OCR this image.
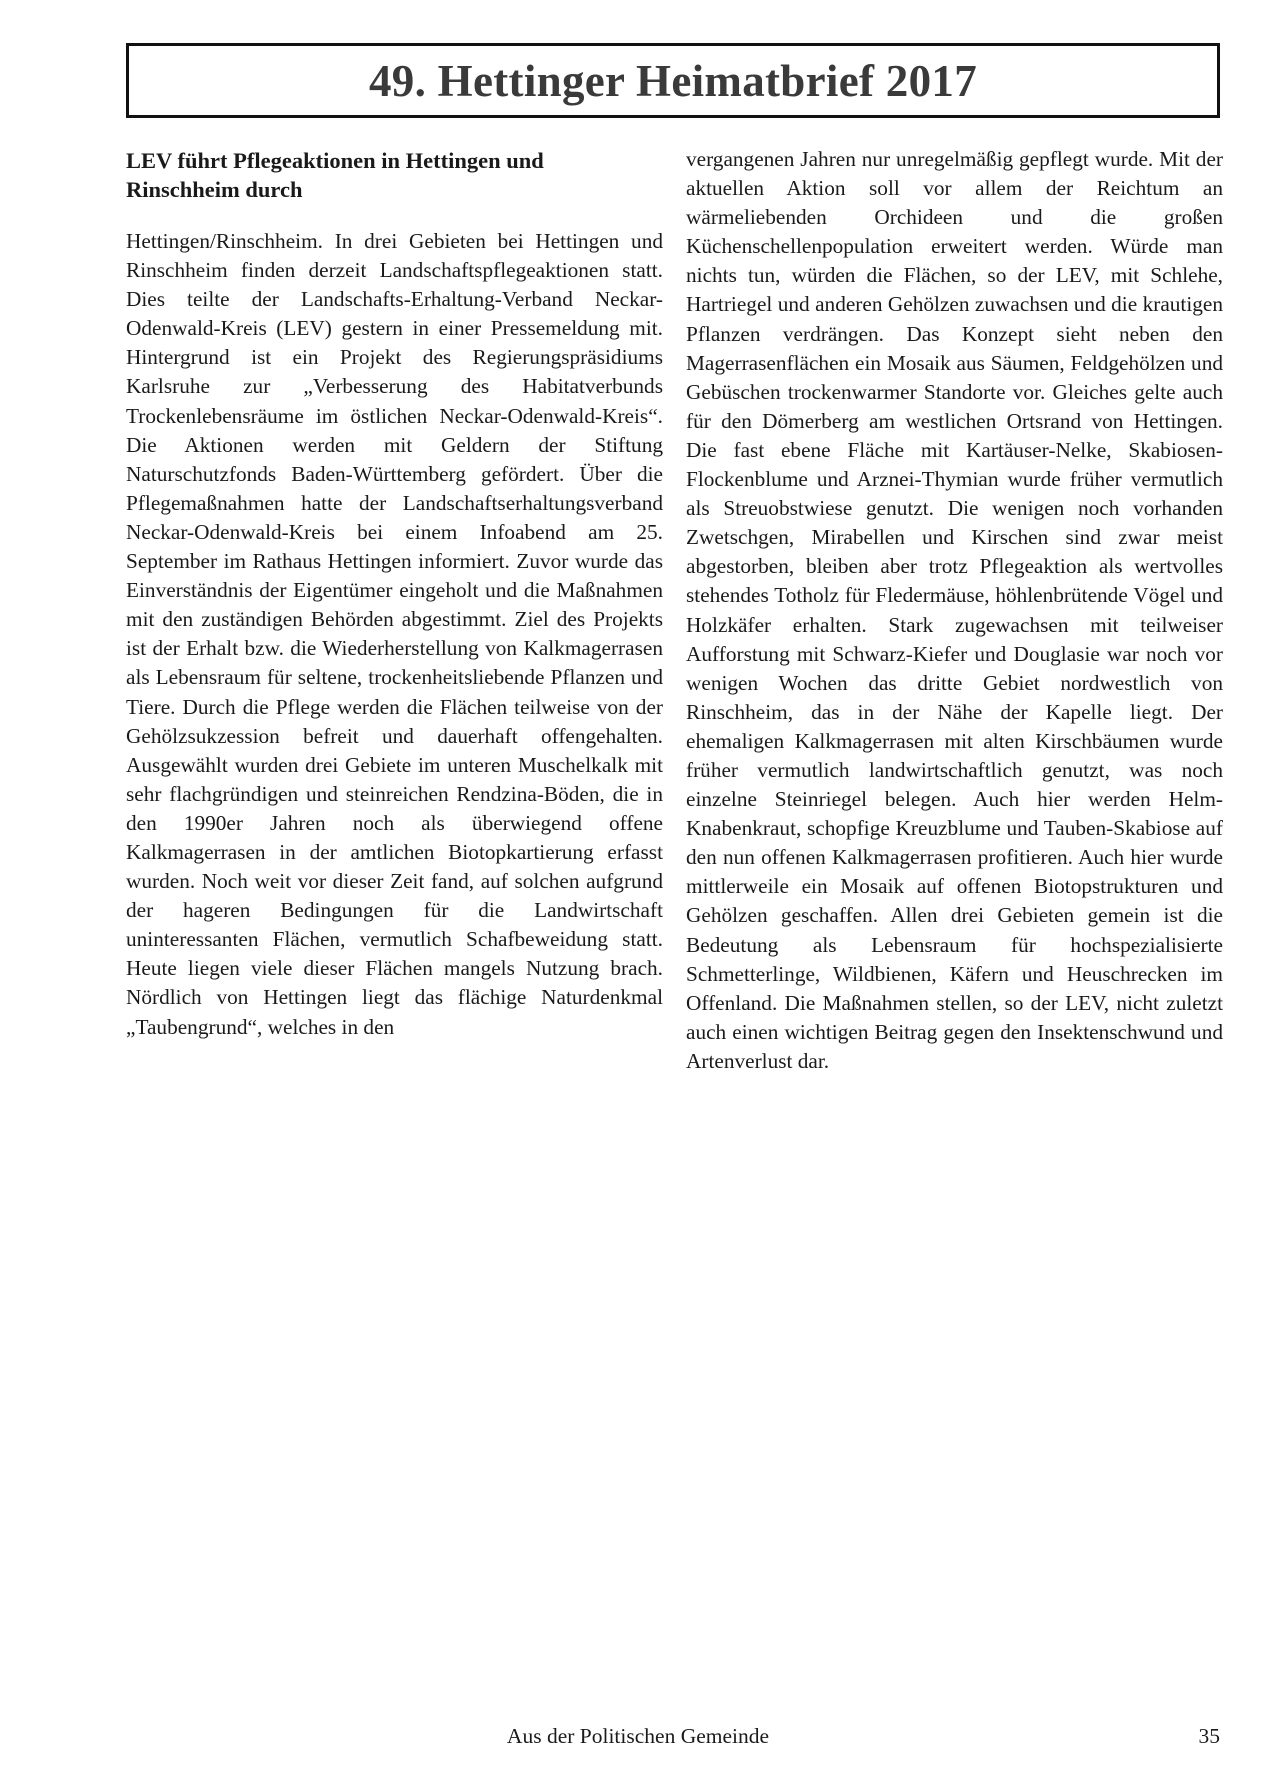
49. Hettinger Heimatbrief 2017
LEV führt Pflegeaktionen in Hettingen und Rinschheim durch

Hettingen/Rinschheim. In drei Gebieten bei Hettingen und Rinschheim finden derzeit Landschaftspflegeaktionen statt. Dies teilte der Landschafts-Erhaltung-Verband Neckar-Odenwald-Kreis (LEV) gestern in einer Pressemeldung mit. Hintergrund ist ein Projekt des Regierungspräsidiums Karlsruhe zur „Verbesserung des Habitatverbunds Trockenlebensräume im östlichen Neckar-Odenwald-Kreis“. Die Aktionen werden mit Geldern der Stiftung Naturschutzfonds Baden-Württemberg gefördert. Über die Pflegemaßnahmen hatte der Landschaftserhaltungsverband Neckar-Odenwald-Kreis bei einem Infoabend am 25. September im Rathaus Hettingen informiert. Zuvor wurde das Einverständnis der Eigentümer eingeholt und die Maßnahmen mit den zuständigen Behörden abgestimmt. Ziel des Projekts ist der Erhalt bzw. die Wiederherstellung von Kalkmagerrasen als Lebensraum für seltene, trockenheitsliebende Pflanzen und Tiere. Durch die Pflege werden die Flächen teilweise von der Gehölzsukzession befreit und dauerhaft offengehalten. Ausgewählt wurden drei Gebiete im unteren Muschelkalk mit sehr flachgründigen und steinreichen Rendzina-Böden, die in den 1990er Jahren noch als überwiegend offene Kalkmagerrasen in der amtlichen Biotopkartierung erfasst wurden. Noch weit vor dieser Zeit fand, auf solchen aufgrund der hageren Bedingungen für die Landwirtschaft uninteressanten Flächen, vermutlich Schafbeweidung statt. Heute liegen viele dieser Flächen mangels Nutzung brach. Nördlich von Hettingen liegt das flächige Naturdenkmal „Taubengrund“, welches in den

vergangenen Jahren nur unregelmäßig gepflegt wurde. Mit der aktuellen Aktion soll vor allem der Reichtum an wärmeliebenden Orchideen und die großen Küchenschellenpopulation erweitert werden. Würde man nichts tun, würden die Flächen, so der LEV, mit Schlehe, Hartriegel und anderen Gehölzen zuwachsen und die krautigen Pflanzen verdrängen. Das Konzept sieht neben den Magerrasenflächen ein Mosaik aus Säumen, Feldgehölzen und Gebüschen trockenwarmer Standorte vor. Gleiches gelte auch für den Dömerberg am westlichen Ortsrand von Hettingen. Die fast ebene Fläche mit Kartäuser-Nelke, Skabiosen-Flockenblume und Arznei-Thymian wurde früher vermutlich als Streuobstwiese genutzt. Die wenigen noch vorhanden Zwetschgen, Mirabellen und Kirschen sind zwar meist abgestorben, bleiben aber trotz Pflegeaktion als wertvolles stehendes Totholz für Fledermäuse, höhlenbrütende Vögel und Holzkäfer erhalten. Stark zugewachsen mit teilweiser Aufforstung mit Schwarz-Kiefer und Douglasie war noch vor wenigen Wochen das dritte Gebiet nordwestlich von Rinschheim, das in der Nähe der Kapelle liegt. Der ehemaligen Kalkmagerrasen mit alten Kirschbäumen wurde früher vermutlich landwirtschaftlich genutzt, was noch einzelne Steinriegel belegen. Auch hier werden Helm-Knabenkraut, schopfige Kreuzblume und Tauben-Skabiose auf den nun offenen Kalkmagerrasen profitieren. Auch hier wurde mittlerweile ein Mosaik auf offenen Biotopstrukturen und Gehölzen geschaffen. Allen drei Gebieten gemein ist die Bedeutung als Lebensraum für hochspezialisierte Schmetterlinge, Wildbienen, Käfern und Heuschrecken im Offenland. Die Maßnahmen stellen, so der LEV, nicht zuletzt auch einen wichtigen Beitrag gegen den Insektenschwund und Artenverlust dar.

Aus der Politischen Gemeinde	35
